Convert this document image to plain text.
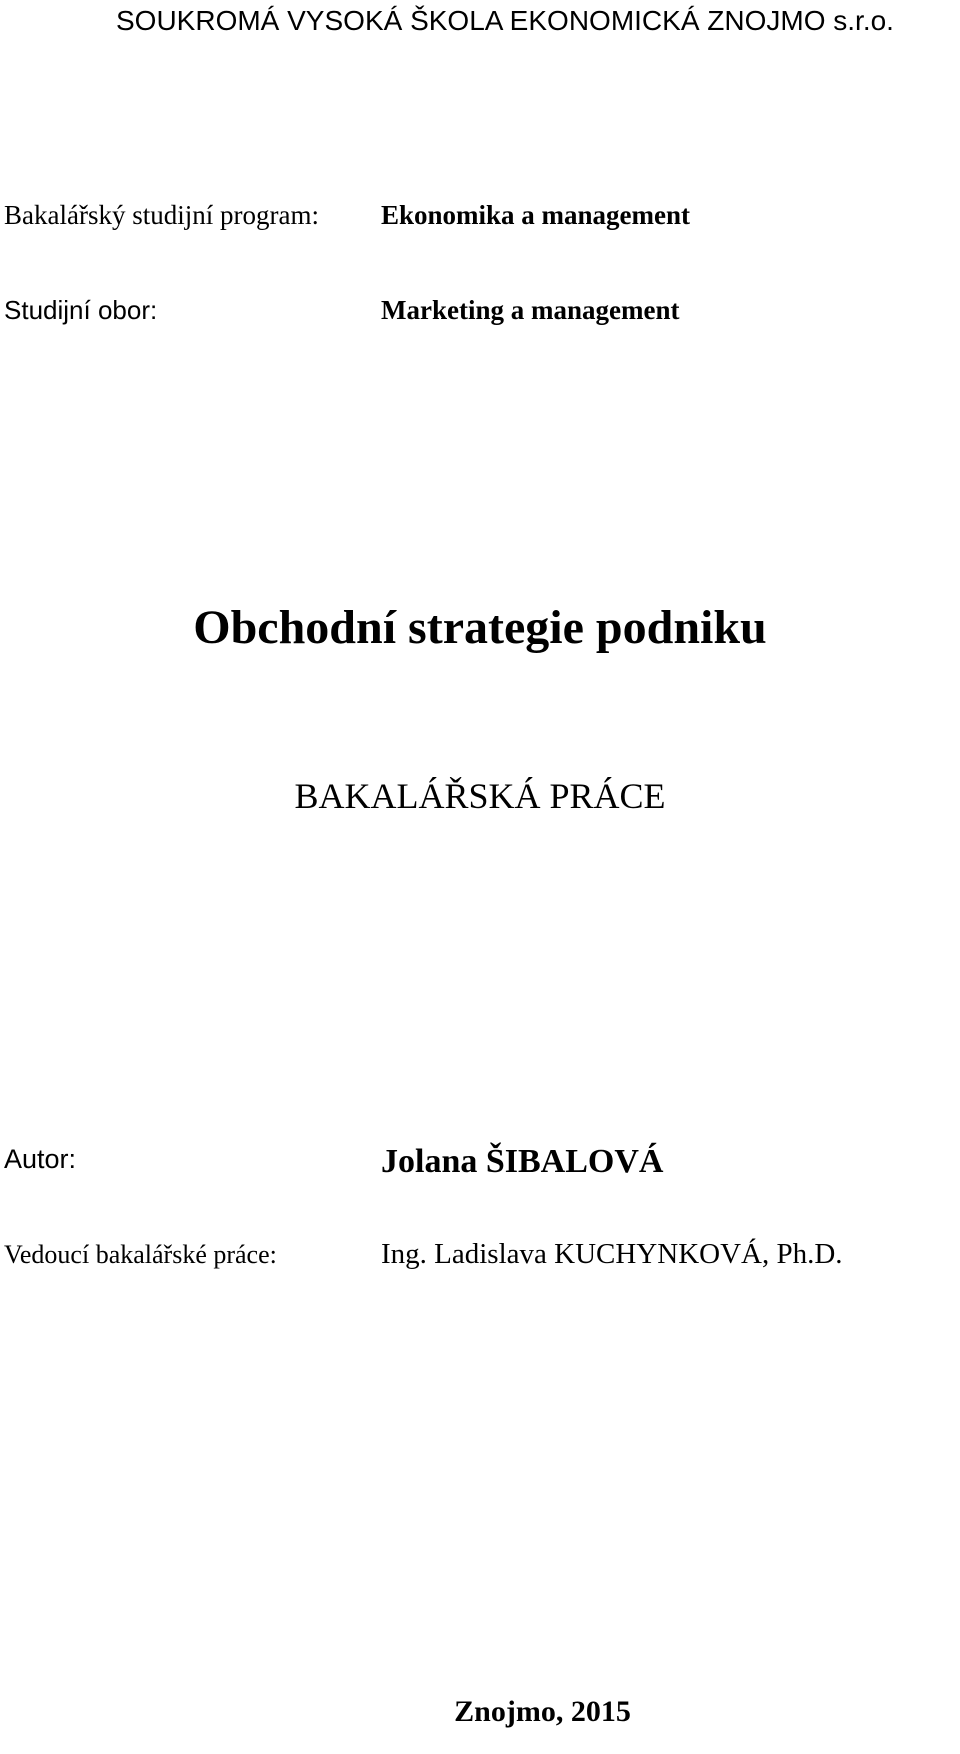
SOUKROMÁ VYSOKÁ ŠKOLA EKONOMICKÁ ZNOJMO s.r.o.
Bakalářský studijní program: Ekonomika a management
Studijní obor:	Marketing a management
Obchodní strategie podniku
BAKALÁŘSKÁ PRÁCE
Autor:	Jolana ŠIBALOVÁ
Vedoucí bakalářské práce:	Ing. Ladislava KUCHYNKOVÁ, Ph.D.
Znojmo, 2015
